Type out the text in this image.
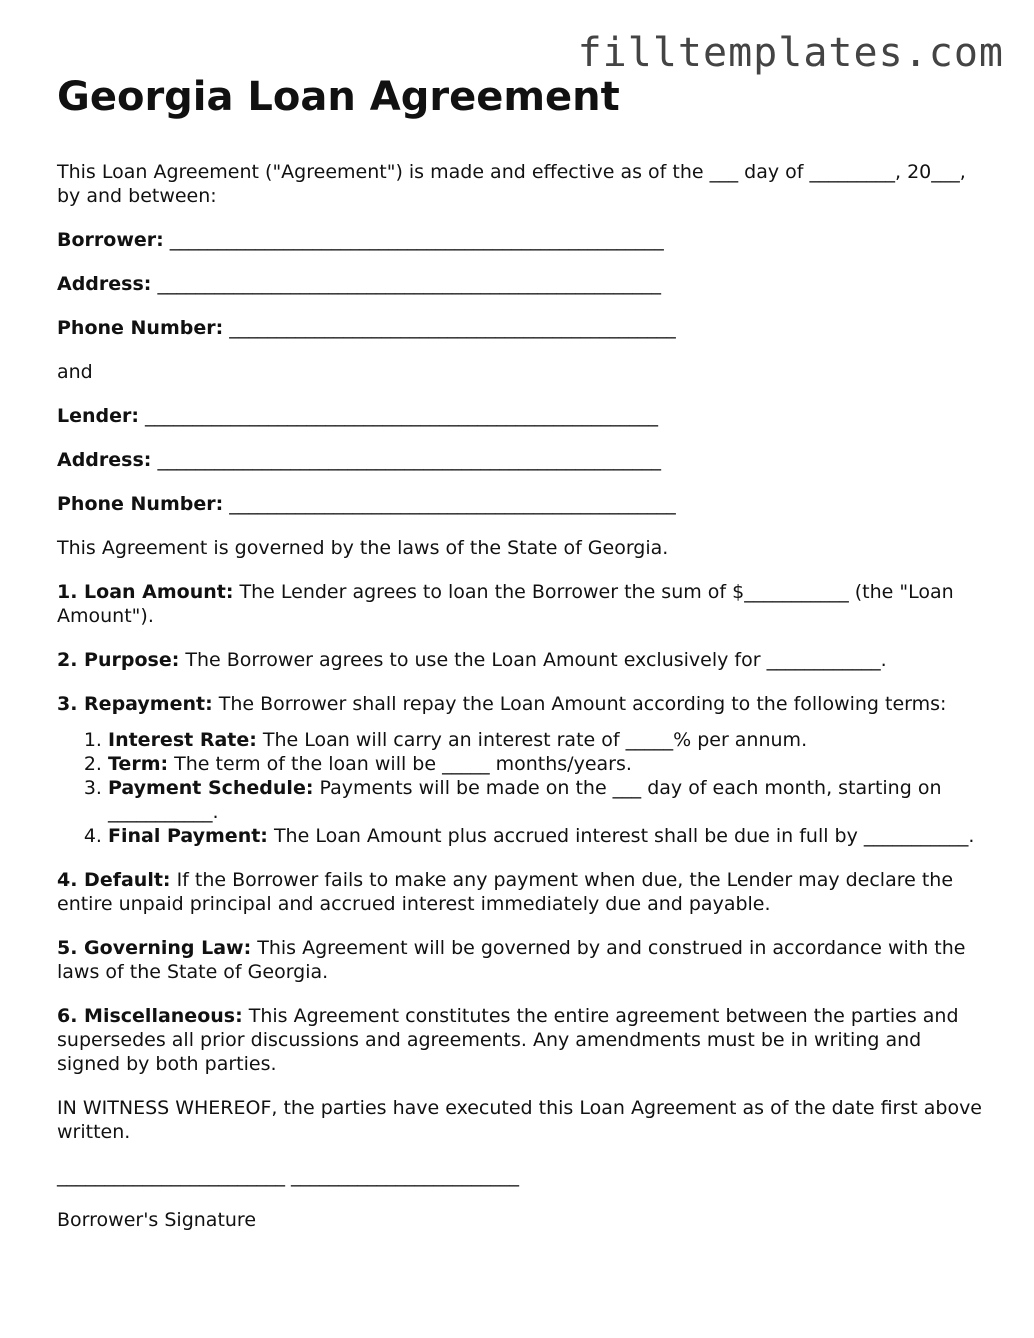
filltemplates.com
Georgia Loan Agreement

This Loan Agreement ("Agreement") is made and effective as of the ___ day of _________, 20___, by and between:

Borrower: ____________________________________________________

Address: _____________________________________________________

Phone Number: _______________________________________________

and

Lender: ______________________________________________________

Address: _____________________________________________________

Phone Number: _______________________________________________

This Agreement is governed by the laws of the State of Georgia.

1. Loan Amount: The Lender agrees to loan the Borrower the sum of $___________ (the "Loan Amount").

2. Purpose: The Borrower agrees to use the Loan Amount exclusively for ____________.

3. Repayment: The Borrower shall repay the Loan Amount according to the following terms:

1. Interest Rate: The Loan will carry an interest rate of _____% per annum.
2. Term: The term of the loan will be _____ months/years.
3. Payment Schedule: Payments will be made on the ___ day of each month, starting on ___________.
4. Final Payment: The Loan Amount plus accrued interest shall be due in full by ___________.

4. Default: If the Borrower fails to make any payment when due, the Lender may declare the entire unpaid principal and accrued interest immediately due and payable.

5. Governing Law: This Agreement will be governed by and construed in accordance with the laws of the State of Georgia.

6. Miscellaneous: This Agreement constitutes the entire agreement between the parties and supersedes all prior discussions and agreements. Any amendments must be in writing and signed by both parties.

IN WITNESS WHEREOF, the parties have executed this Loan Agreement as of the date first above written.

________________________ ________________________

Borrower's Signature
